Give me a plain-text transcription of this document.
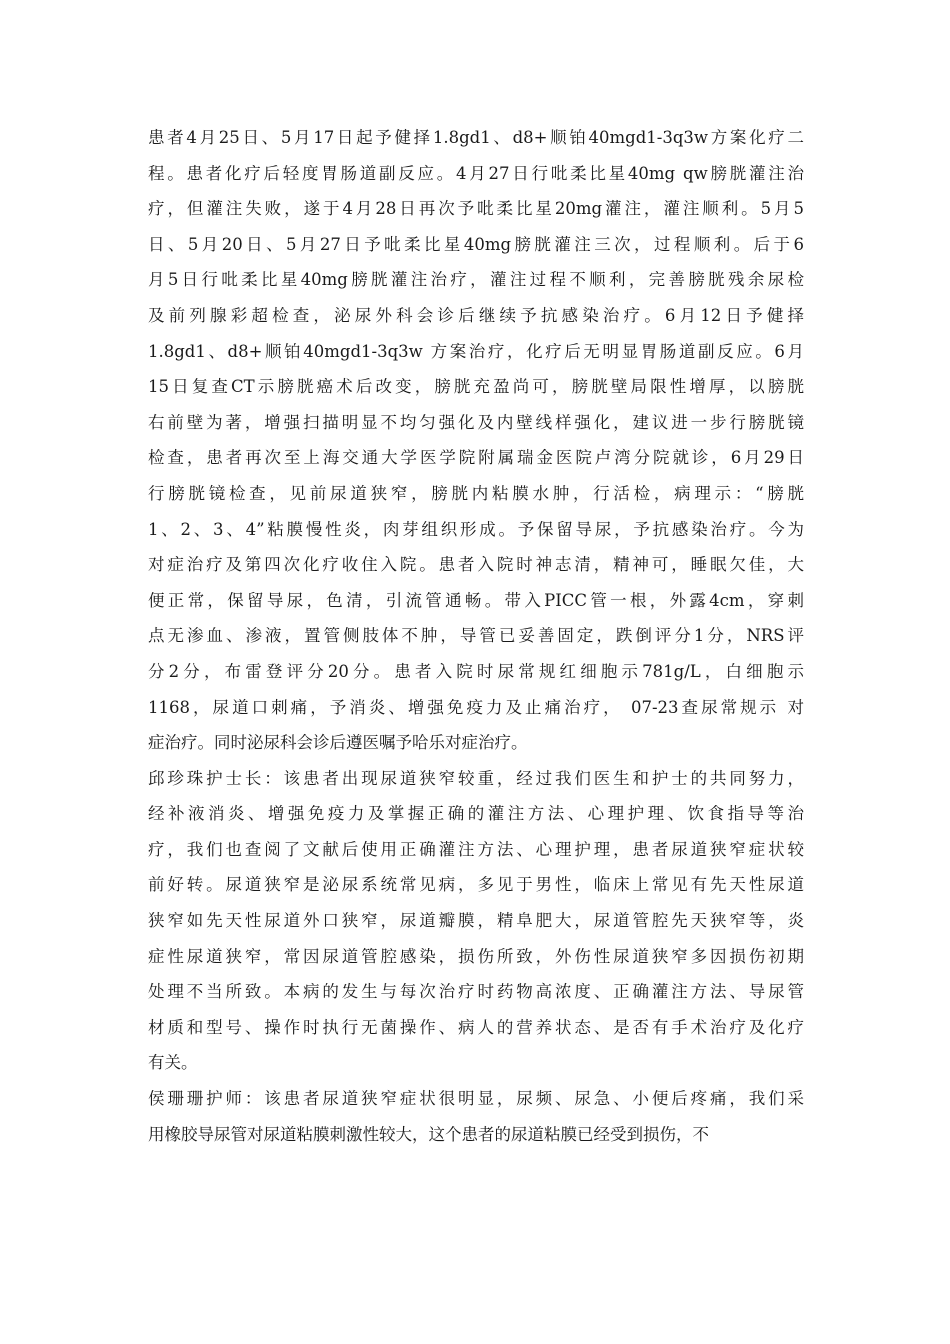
患者4月25日、5月17日起予健择1.8gd1、d8+顺铂40mgd1-3q3w方案化疗二
程。患者化疗后轻度胃肠道副反应。4月27日行吡柔比星40mg qw膀胱灌注治
疗，但灌注失败，遂于4月28日再次予吡柔比星20mg灌注，灌注顺利。5月5
日、5月20日、5月27日予吡柔比星40mg膀胱灌注三次，过程顺利。后于6
月5日行吡柔比星40mg膀胱灌注治疗，灌注过程不顺利，完善膀胱残余尿检
及前列腺彩超检查，泌尿外科会诊后继续予抗感染治疗。6月12日予健择
1.8gd1、d8+顺铂40mgd1-3q3w 方案治疗，化疗后无明显胃肠道副反应。6月
15日复查CT示膀胱癌术后改变，膀胱充盈尚可，膀胱壁局限性增厚，以膀胱
右前壁为著，增强扫描明显不均匀强化及内壁线样强化，建议进一步行膀胱镜
检查，患者再次至上海交通大学医学院附属瑞金医院卢湾分院就诊，6月29日
行膀胱镜检查，见前尿道狭窄，膀胱内粘膜水肿，行活检，病理示：“膀胱
1、2、3、4”粘膜慢性炎，肉芽组织形成。予保留导尿，予抗感染治疗。今为
对症治疗及第四次化疗收住入院。患者入院时神志清，精神可，睡眠欠佳，大
便正常，保留导尿，色清，引流管通畅。带入PICC管一根，外露4cm，穿刺
点无渗血、渗液，置管侧肢体不肿，导管已妥善固定，跌倒评分1分，NRS评
分2分，布雷登评分20分。患者入院时尿常规红细胞示781g/L，白细胞示
1168，尿道口刺痛，予消炎、增强免疫力及止痛治疗， 07-23查尿常规示 对
症治疗。同时泌尿科会诊后遵医嘱予哈乐对症治疗。
邱珍珠护士长：该患者出现尿道狭窄较重，经过我们医生和护士的共同努力，
经补液消炎、增强免疫力及掌握正确的灌注方法、心理护理、饮食指导等治
疗，我们也查阅了文献后使用正确灌注方法、心理护理，患者尿道狭窄症状较
前好转。尿道狭窄是泌尿系统常见病，多见于男性，临床上常见有先天性尿道
狭窄如先天性尿道外口狭窄，尿道瓣膜，精阜肥大，尿道管腔先天狭窄等，炎
症性尿道狭窄，常因尿道管腔感染，损伤所致，外伤性尿道狭窄多因损伤初期
处理不当所致。本病的发生与每次治疗时药物高浓度、正确灌注方法、导尿管
材质和型号、操作时执行无菌操作、病人的营养状态、是否有手术治疗及化疗
有关。
侯珊珊护师：该患者尿道狭窄症状很明显，尿频、尿急、小便后疼痛，我们采
用橡胶导尿管对尿道粘膜刺激性较大，这个患者的尿道粘膜已经受到损伤，不
